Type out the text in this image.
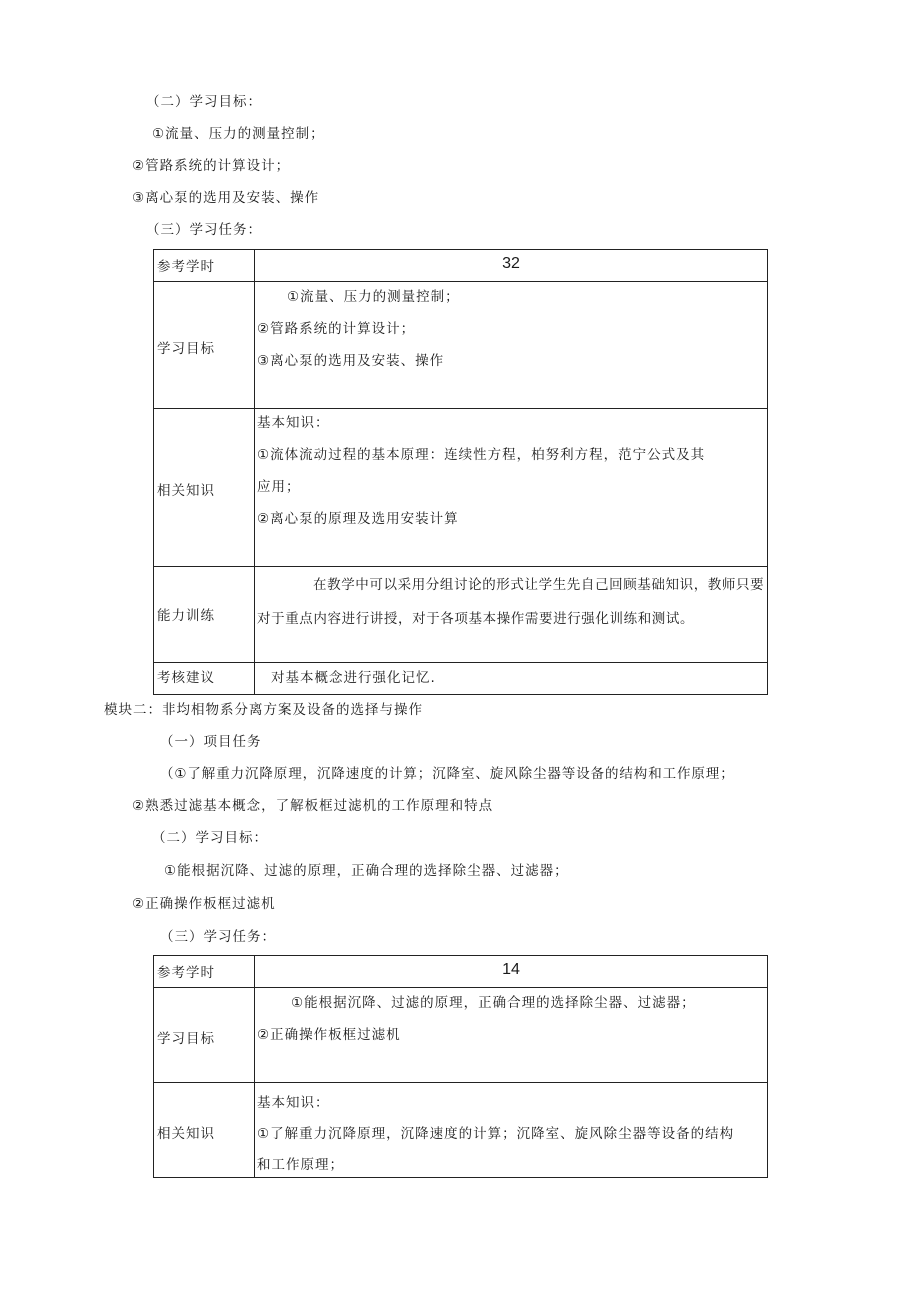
（二）学习目标：
①流量、压力的测量控制；
②管路系统的计算设计；
③离心泵的选用及安装、操作
（三）学习任务：
参考学时	32

学习目标	①流量、压力的测量控制；
②管路系统的计算设计；
③离心泵的选用及安装、操作

相关知识	基本知识：
①流体流动过程的基本原理：连续性方程，柏努利方程，范宁公式及其
应用；
②离心泵的原理及选用安装计算

能力训练	在教学中可以采用分组讨论的形式让学生先自己回顾基础知识，教师只要对于重点内容进行讲授，对于各项基本操作需要进行强化训练和测试。

考核建议	对基本概念进行强化记忆.
模块二：非均相物系分离方案及设备的选择与操作
（一）项目任务
（①了解重力沉降原理，沉降速度的计算；沉降室、旋风除尘器等设备的结构和工作原理；
②熟悉过滤基本概念，了解板框过滤机的工作原理和特点
（二）学习目标：
①能根据沉降、过滤的原理，正确合理的选择除尘器、过滤器；
②正确操作板框过滤机
（三）学习任务：
参考学时	14

学习目标	①能根据沉降、过滤的原理，正确合理的选择除尘器、过滤器；
②正确操作板框过滤机

相关知识	基本知识：
①了解重力沉降原理，沉降速度的计算；沉降室、旋风除尘器等设备的结构
和工作原理；
